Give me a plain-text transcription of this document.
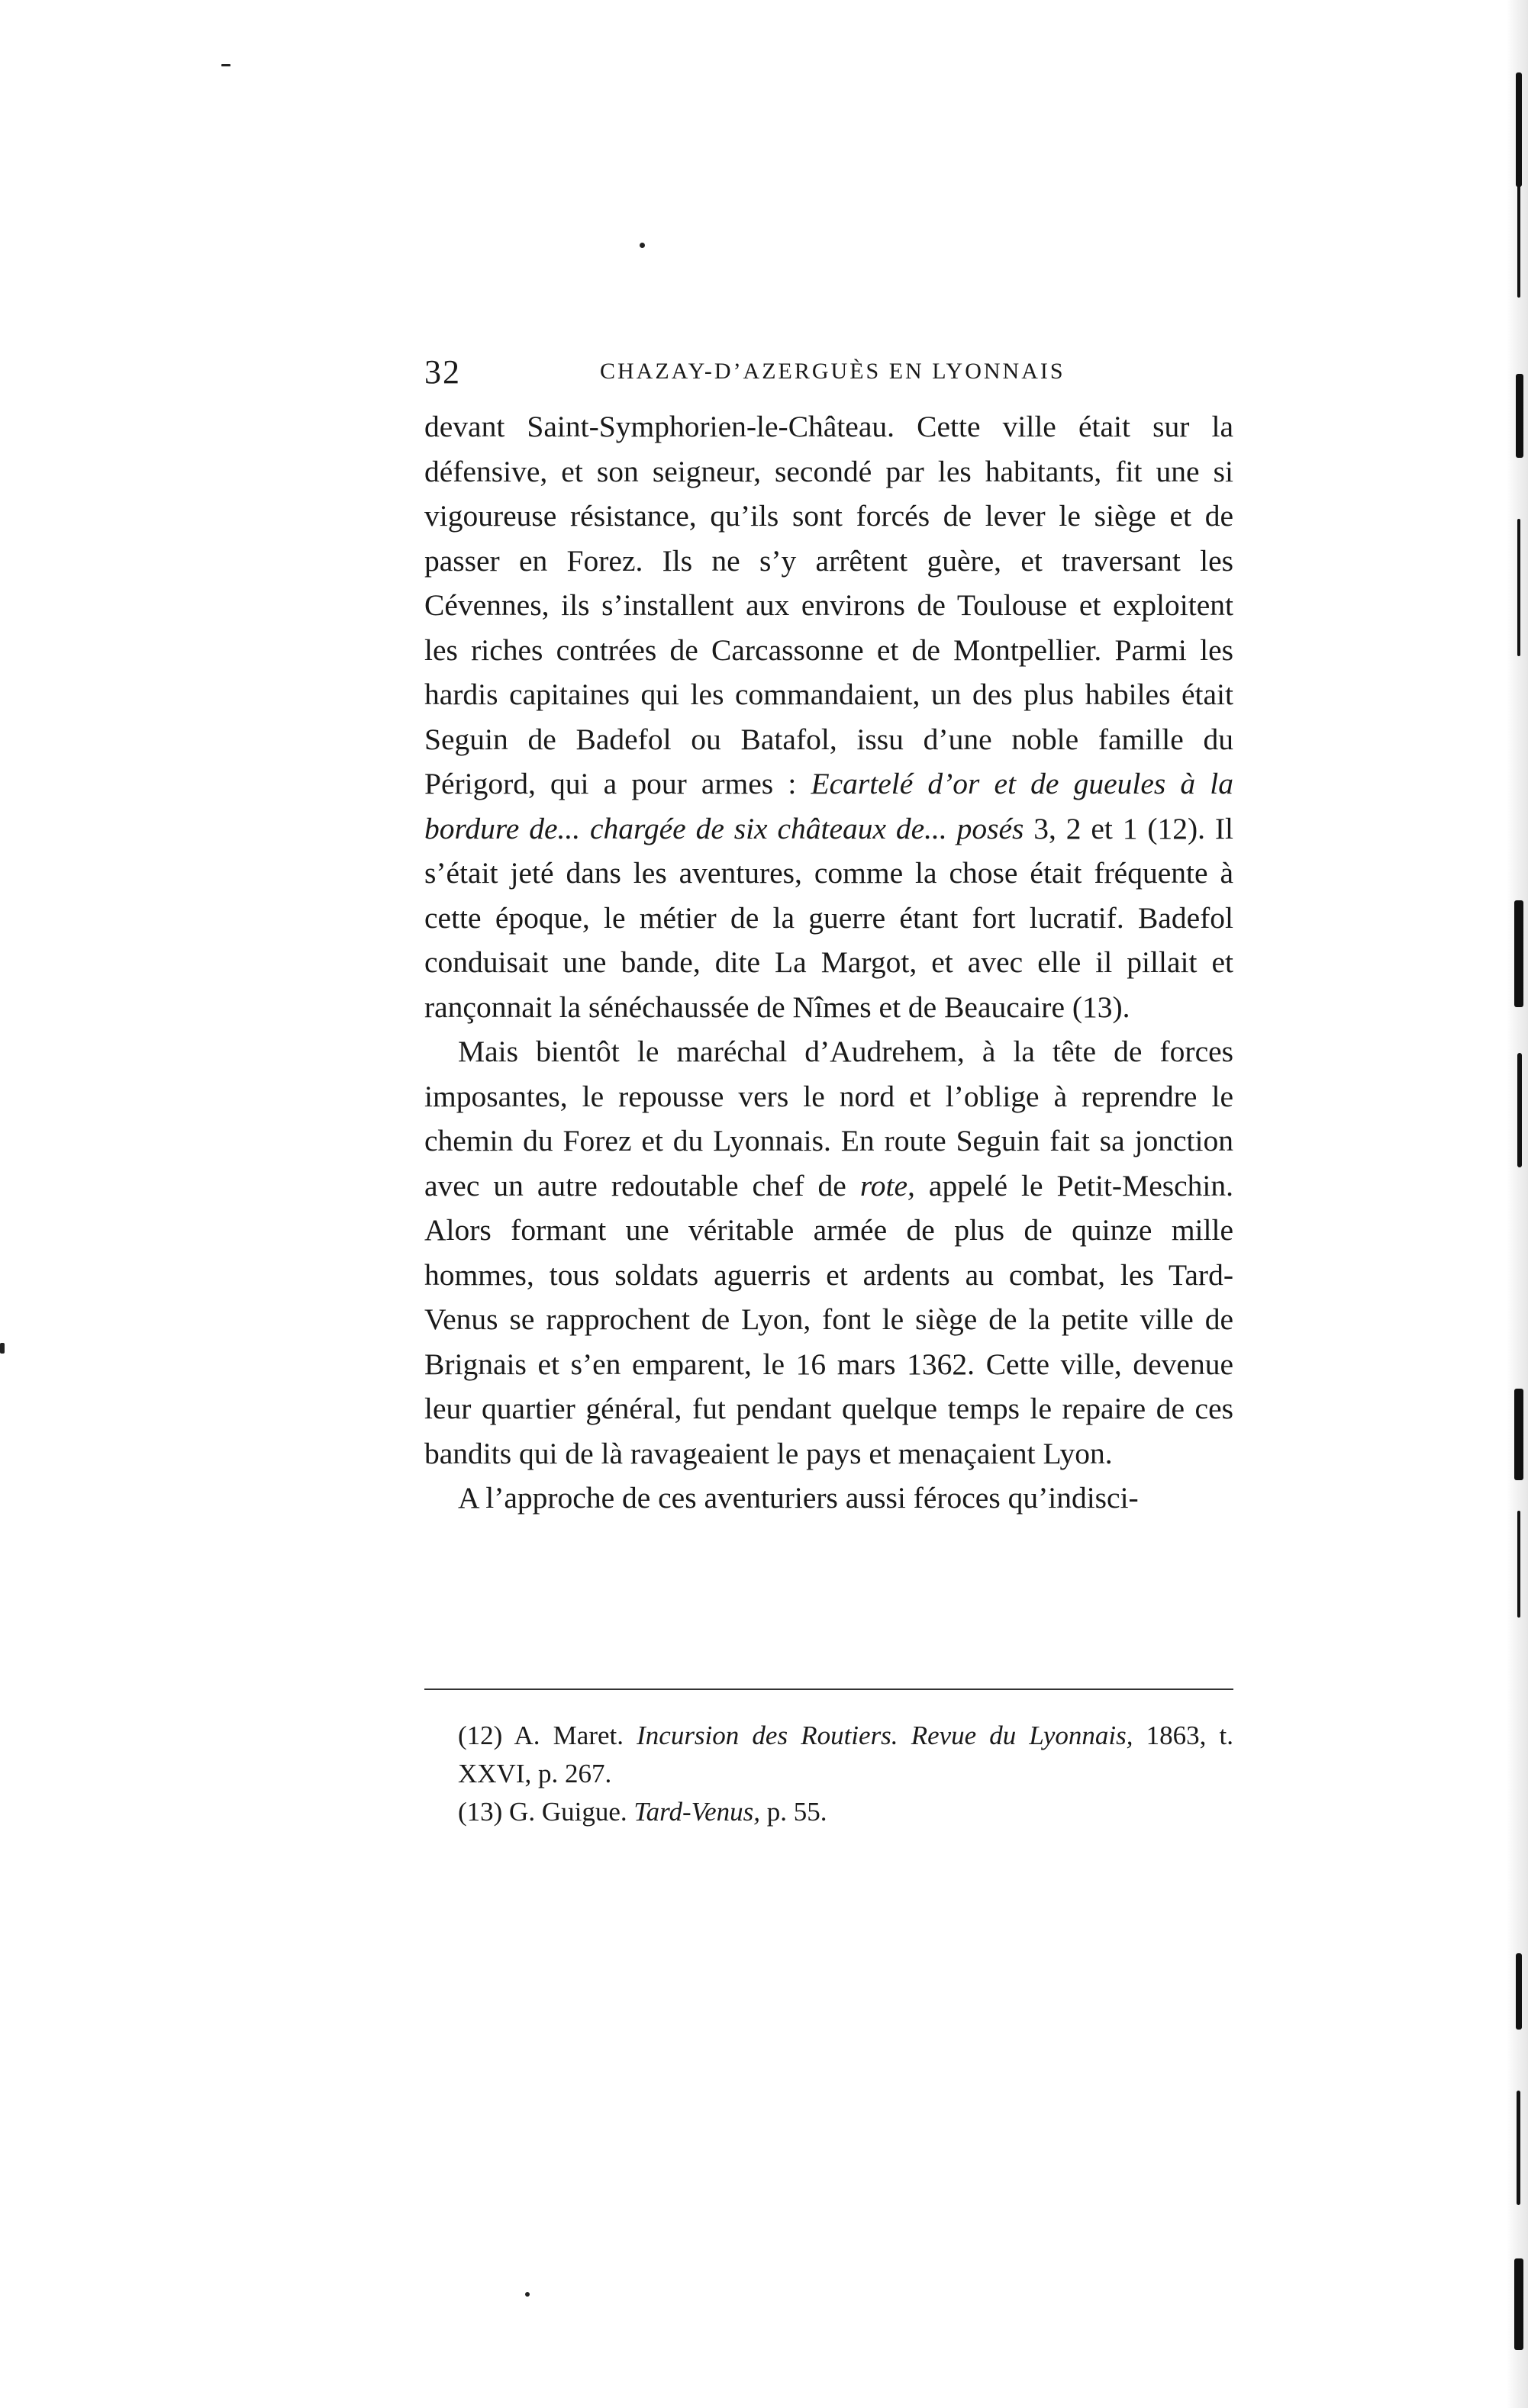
32	CHAZAY-D’AZERGUÈS EN LYONNAIS

devant Saint-Symphorien-le-Château. Cette ville était sur la défensive, et son seigneur, secondé par les habitants, fit une si vigoureuse résistance, qu’ils sont forcés de lever le siège et de passer en Forez. Ils ne s’y arrêtent guère, et traversant les Cévennes, ils s’installent aux environs de Toulouse et exploitent les riches contrées de Carcassonne et de Montpellier. Parmi les hardis capitaines qui les commandaient, un des plus habiles était Seguin de Badefol ou Batafol, issu d’une noble famille du Périgord, qui a pour armes : Ecartelé d’or et de gueules à la bordure de... chargée de six châteaux de... posés 3, 2 et 1 (12). Il s’était jeté dans les aventures, comme la chose était fréquente à cette époque, le métier de la guerre étant fort lucratif. Badefol conduisait une bande, dite La Margot, et avec elle il pillait et rançonnait la sénéchaussée de Nîmes et de Beaucaire (13).

Mais bientôt le maréchal d’Audrehem, à la tête de forces imposantes, le repousse vers le nord et l’oblige à reprendre le chemin du Forez et du Lyonnais. En route Seguin fait sa jonction avec un autre redoutable chef de rote, appelé le Petit-Meschin. Alors formant une véritable armée de plus de quinze mille hommes, tous soldats aguerris et ardents au combat, les Tard-Venus se rapprochent de Lyon, font le siège de la petite ville de Brignais et s’en emparent, le 16 mars 1362. Cette ville, devenue leur quartier général, fut pendant quelque temps le repaire de ces bandits qui de là ravageaient le pays et menaçaient Lyon.

A l’approche de ces aventuriers aussi féroces qu’indisci-

(12) A. Maret. Incursion des Routiers. Revue du Lyonnais, 1863, t. XXVI, p. 267.

(13) G. Guigue. Tard-Venus, p. 55.
